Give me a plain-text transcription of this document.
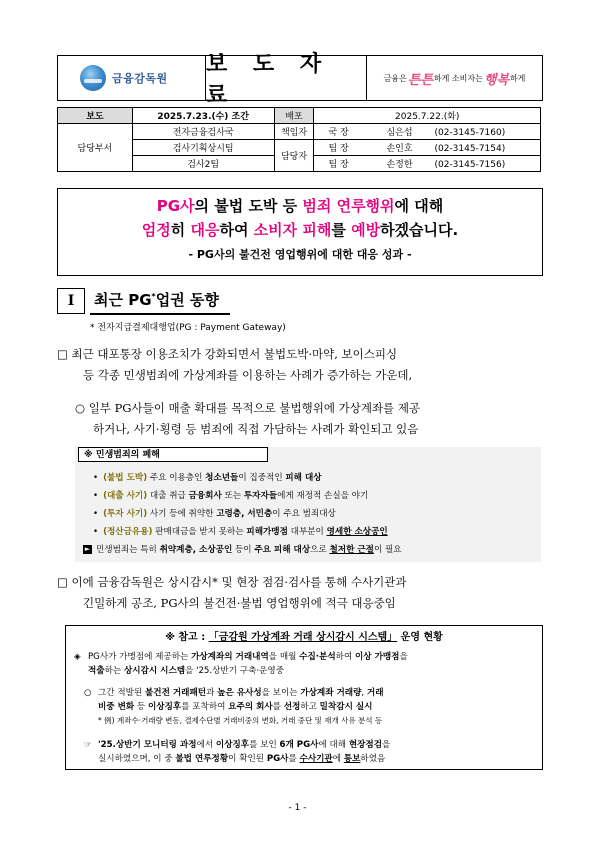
금융감독원
보 도 자 료
금융은 튼튼 하게 소비자는 행복 하게
보도	2025.7.23.(수) 조간	배포	2025.7.22.(화)
담당부서	전자금융검사국	책임자	국 장 심은섭 (02-3145-7160)
	검사기획상시팀	담당자	팀 장 손인호 (02-3145-7154)
	검사2팀		팀 장 손정한 (02-3145-7156)
PG사의 불법 도박 등 범죄 연루행위에 대해
엄정히 대응하여 소비자 피해를 예방하겠습니다.
- PG사의 불건전 영업행위에 대한 대응 성과 -
Ⅰ	최근 PG*업권 동향
* 전자지급결제대행업(PG : Payment Gateway)
□ 최근 대포통장 이용조치가 강화되면서 불법도박·마약, 보이스피싱
등 각종 민생범죄에 가상계좌를 이용하는 사례가 증가하는 가운데,
○ 일부 PG사들이 매출 확대를 목적으로 불법행위에 가상계좌를 제공
하거나, 사기·횡령 등 범죄에 직접 가담하는 사례가 확인되고 있음
※ 민생범죄의 폐해
• (불법 도박) 주요 이용층인 청소년들이 집중적인 피해 대상
• (대출 사기) 대출 취급 금융회사 또는 투자자들에게 재정적 손실을 야기
• (투자 사기) 사기 등에 취약한 고령층, 서민층이 주요 범죄대상
• (정산금유용) 판매대금을 받지 못하는 피해가맹점 대부분이 영세한 소상공인
► 민생범죄는 특히 취약계층, 소상공인 등이 주요 피해 대상으로 철저한 근절이 필요
□ 이에 금융감독원은 상시감시* 및 현장 점검·검사를 통해 수사기관과
긴밀하게 공조, PG사의 불건전·불법 영업행위에 적극 대응중임
※ 참고 : 「금감원 가상계좌 거래 상시감시 시스템」 운영 현황
◈ PG사가 가맹점에 제공하는 가상계좌의 거래내역을 매월 수집·분석하여 이상 가맹점을
적출하는 상시감시 시스템을 '25.상반기 구축·운영중
○ 그간 적발된 불건전 거래패턴과 높은 유사성을 보이는 가상계좌 거래량, 거래
비중 변화 등 이상징후를 포착하여 요주의 회사를 선정하고 밀착감시 실시
* 例) 계좌수·거래량 변동, 결제수단별 거래비중의 변화, 거래 중단 및 재개 사유 분석 등
☞ '25.상반기 모니터링 과정에서 이상징후를 보인 6개 PG사에 대해 현장점검을
실시하였으며, 이 중 불법 연루정황이 확인된 PG사를 수사기관에 통보하였음
- 1 -
